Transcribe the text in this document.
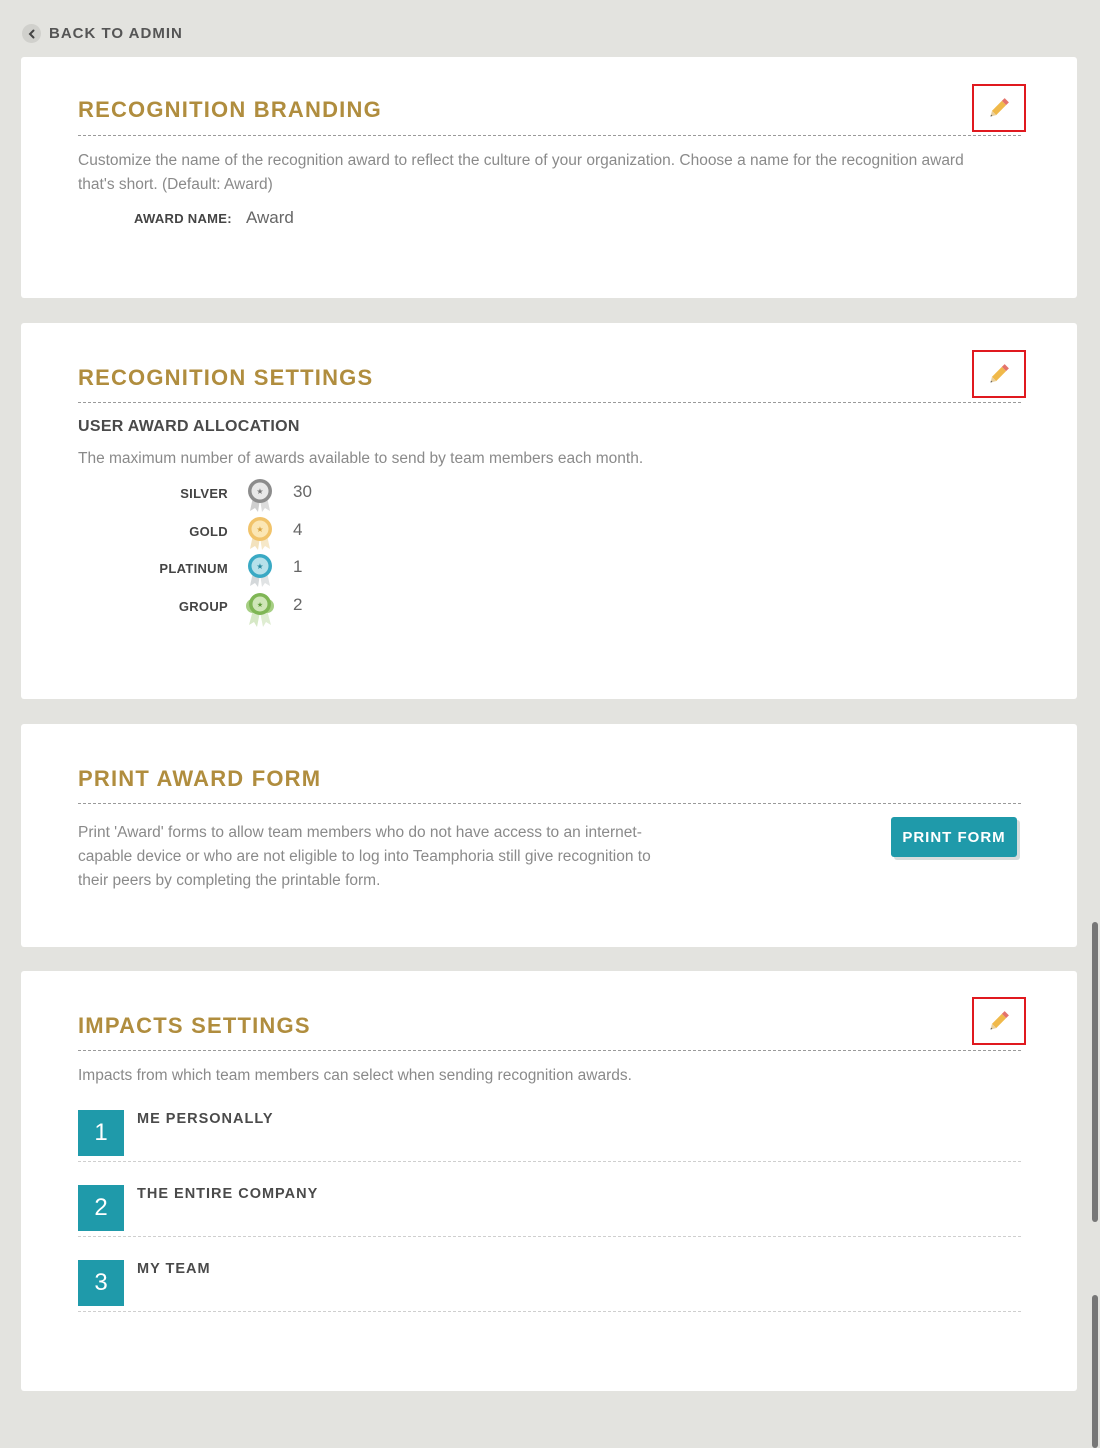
BACK TO ADMIN
RECOGNITION BRANDING
Customize the name of the recognition award to reflect the culture of your organization. Choose a name for the recognition award
that's short. (Default: Award)
AWARD NAME: Award
RECOGNITION SETTINGS
USER AWARD ALLOCATION
The maximum number of awards available to send by team members each month.
SILVER	★ 30
GOLD	★ 4
PLATINUM	★ 1
GROUP	★ 2
PRINT AWARD FORM
Print 'Award' forms to allow team members who do not have access to an internet-
capable device or who are not eligible to log into Teamphoria still give recognition to
their peers by completing the printable form.
PRINT FORM
IMPACTS SETTINGS
Impacts from which team members can select when sending recognition awards.
1	ME PERSONALLY
2	THE ENTIRE COMPANY
3	MY TEAM
